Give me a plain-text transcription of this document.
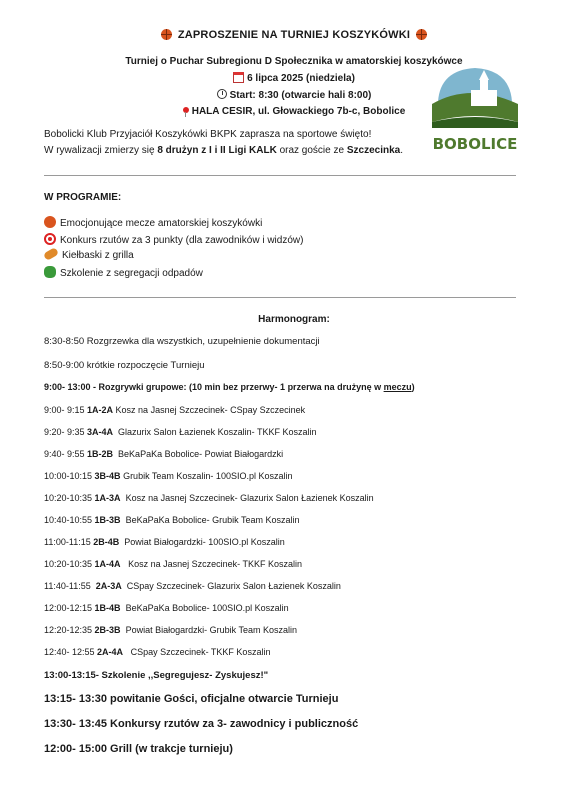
ZAPROSZENIE NA TURNIEJ KOSZYKÓWKI
Turniej o Puchar Subregionu D Społecznika w amatorskiej koszykówce
6 lipca 2025 (niedziela)
Start: 8:30 (otwarcie hali 8:00)
HALA CESIR, ul. Głowackiego 7b-c, Bobolice
BOBOLICE
Bobolicki Klub Przyjaciół Koszykówki BKPK zaprasza na sportowe święto!
W rywalizacji zmierzy się 8 drużyn z I i II Ligi KALK oraz goście ze Szczecinka.
W PROGRAMIE:
Emocjonujące mecze amatorskiej koszykówki
Konkurs rzutów za 3 punkty (dla zawodników i widzów)
Kiełbaski z grilla
Szkolenie z segregacji odpadów
Harmonogram:
8:30-8:50 Rozgrzewka dla wszystkich, uzupełnienie dokumentacji
8:50-9:00 krótkie rozpoczęcie Turnieju
9:00- 13:00 - Rozgrywki grupowe: (10 min bez przerwy- 1 przerwa na drużynę w meczu)
9:00- 9:15 1A-2A Kosz na Jasnej Szczecinek- CSpay Szczecinek
9:20- 9:35 3A-4A  Glazurix Salon Łazienek Koszalin- TKKF Koszalin
9:40- 9:55 1B-2B  BeKaPaKa Bobolice- Powiat Białogardzki
10:00-10:15 3B-4B Grubik Team Koszalin- 100SIO.pl Koszalin
10:20-10:35 1A-3A  Kosz na Jasnej Szczecinek- Glazurix Salon Łazienek Koszalin
10:40-10:55 1B-3B  BeKaPaKa Bobolice- Grubik Team Koszalin
11:00-11:15 2B-4B  Powiat Białogardzki- 100SIO.pl Koszalin
10:20-10:35 1A-4A   Kosz na Jasnej Szczecinek- TKKF Koszalin
11:40-11:55  2A-3A  CSpay Szczecinek- Glazurix Salon Łazienek Koszalin
12:00-12:15 1B-4B  BeKaPaKa Bobolice- 100SIO.pl Koszalin
12:20-12:35 2B-3B  Powiat Białogardzki- Grubik Team Koszalin
12:40- 12:55 2A-4A   CSpay Szczecinek- TKKF Koszalin
13:00-13:15- Szkolenie ,,Segregujesz- Zyskujesz!"
13:15- 13:30 powitanie Gości, oficjalne otwarcie Turnieju
13:30- 13:45 Konkursy rzutów za 3- zawodnicy i publiczność
12:00- 15:00 Grill (w trakcje turnieju)
